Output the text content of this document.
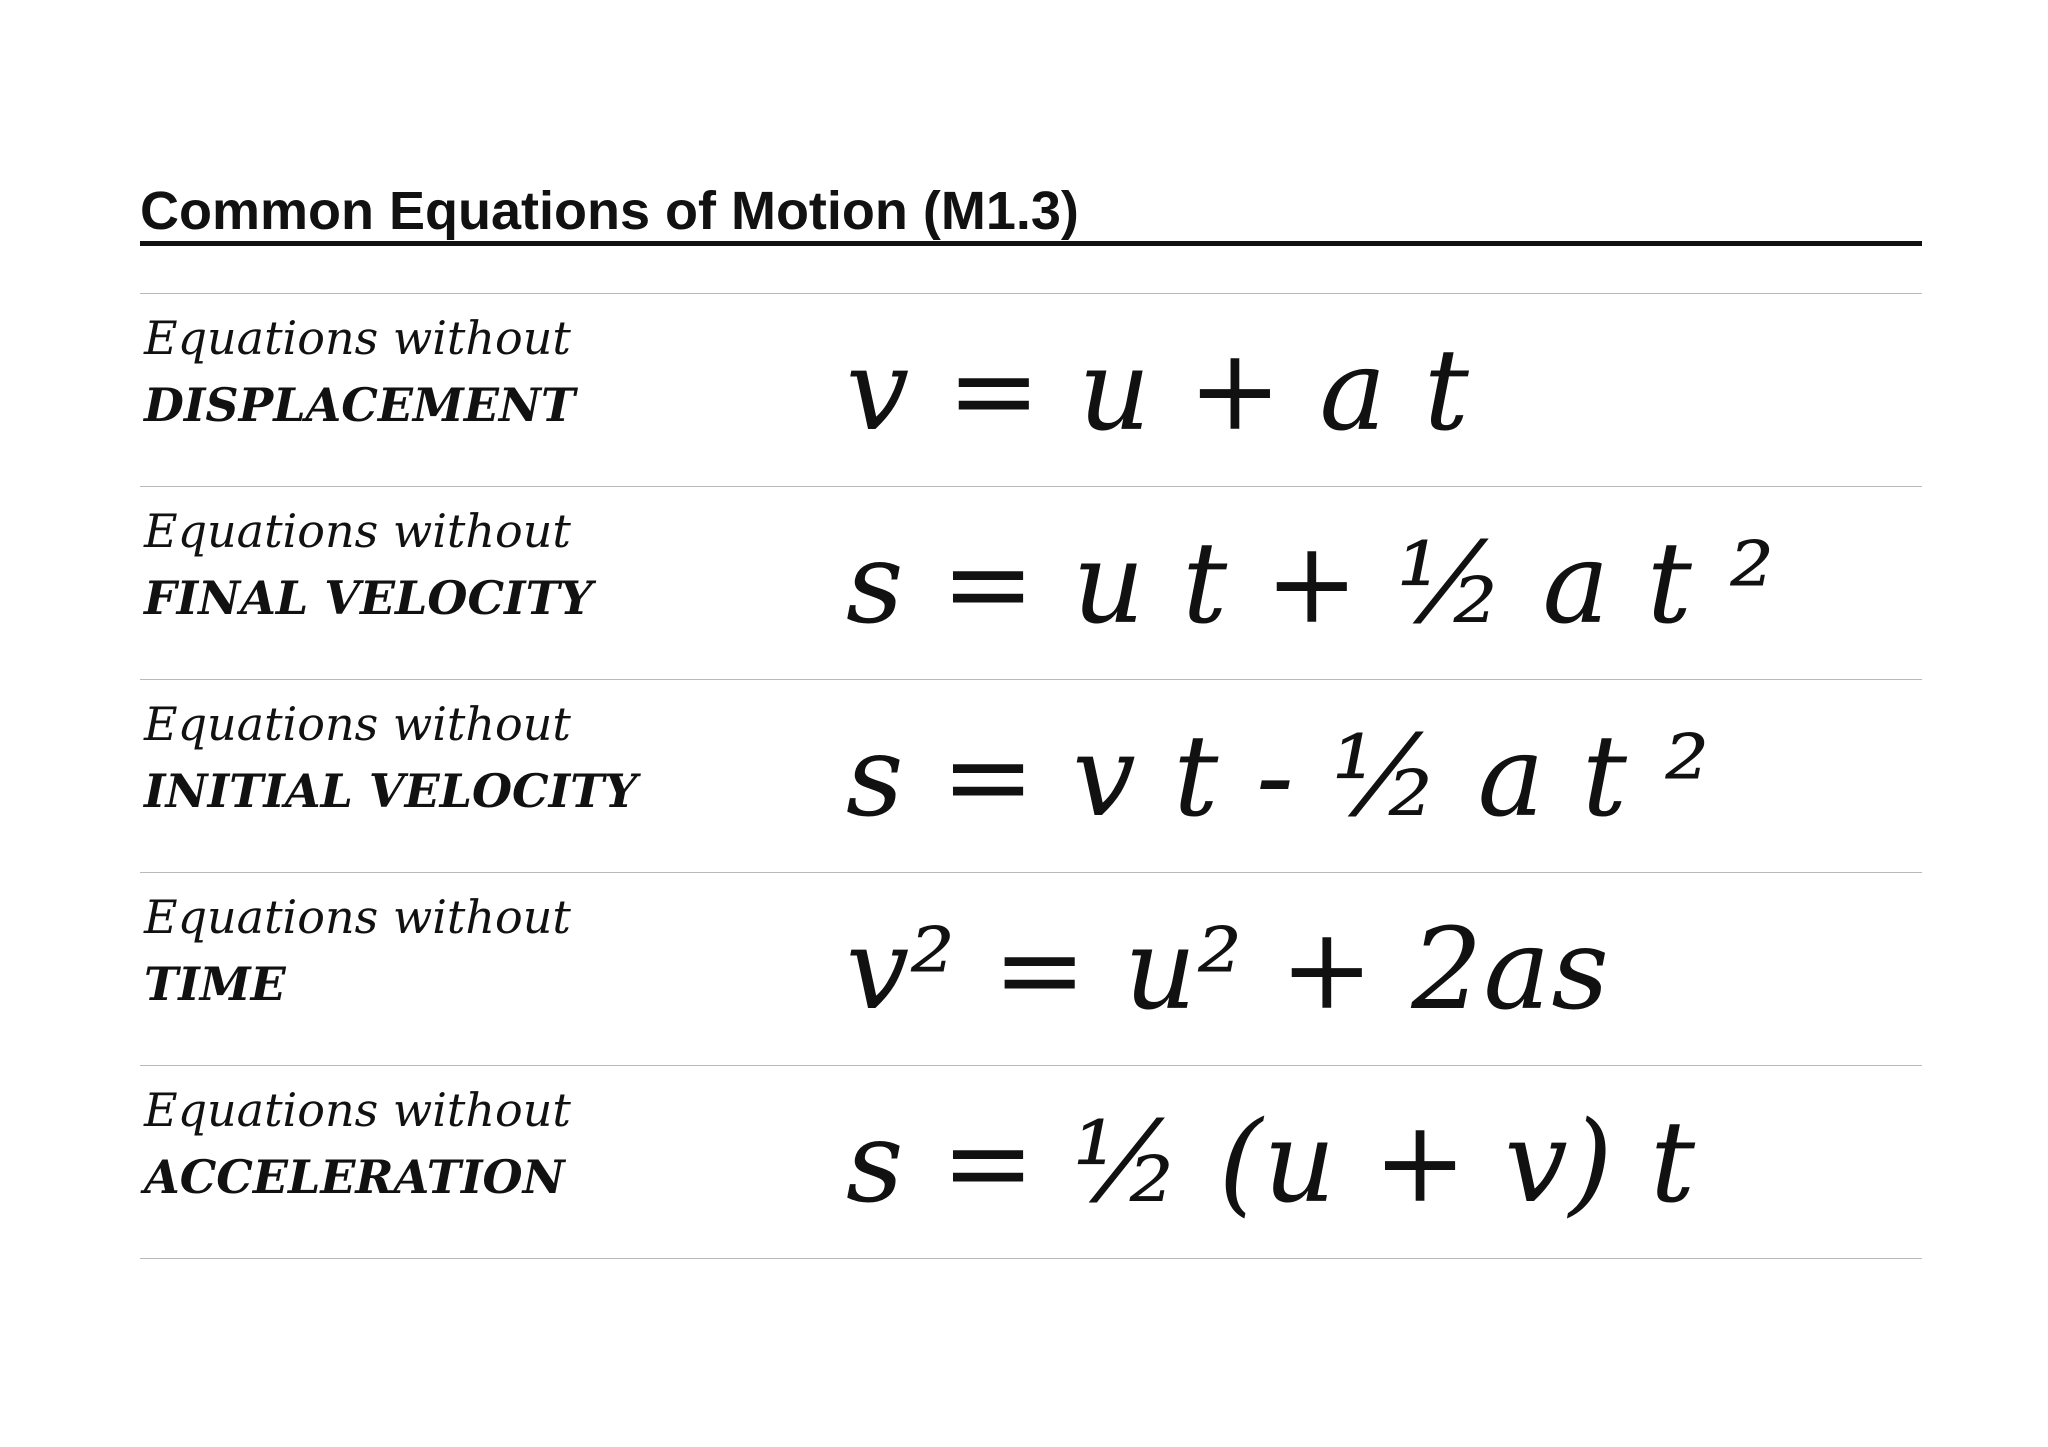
Common Equations of Motion (M1.3)
Equations without
DISPLACEMENT	v = u + a t
Equations without
FINAL VELOCITY	s = u t + ½ a t ²
Equations without
INITIAL VELOCITY	s = v t - ½ a t ²
Equations without
TIME	v² = u² + 2as
Equations without
ACCELERATION	s = ½ (u + v) t
